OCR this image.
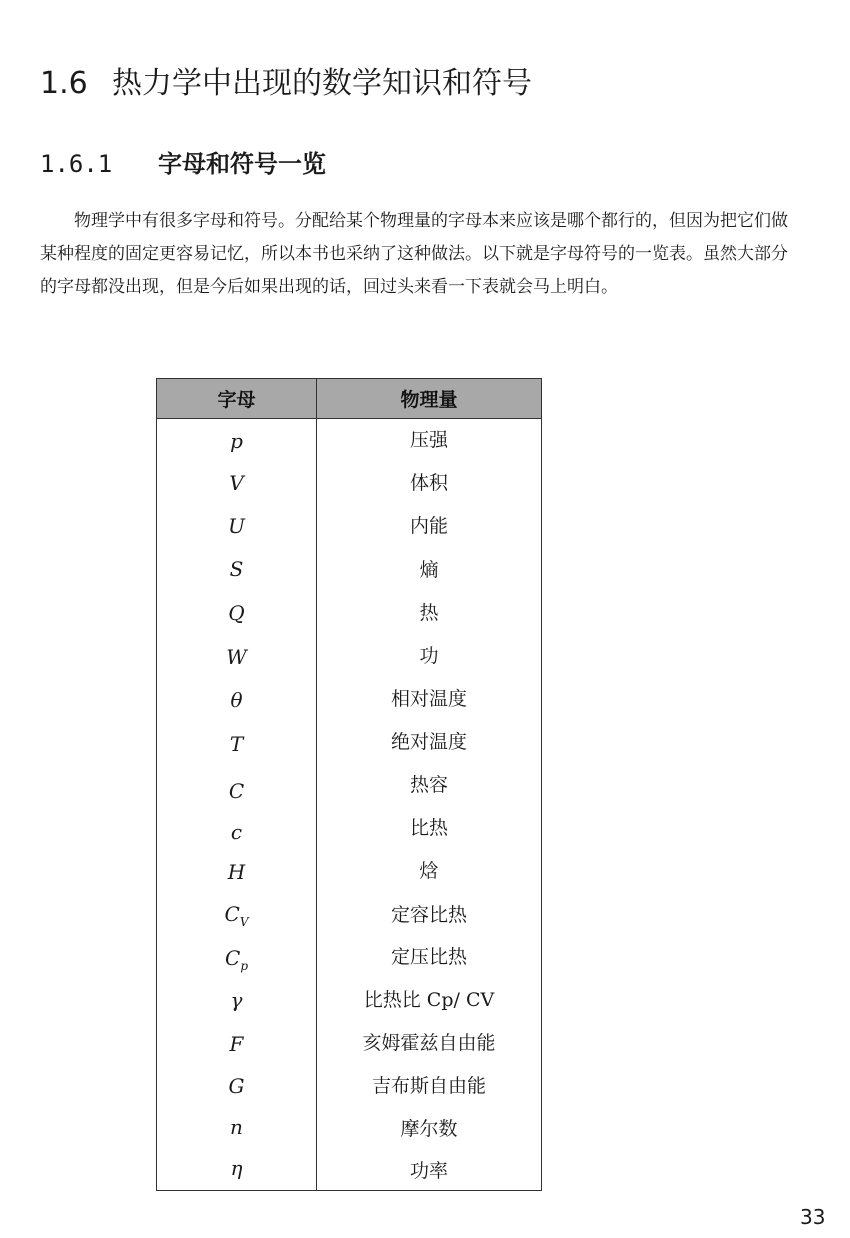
1.6 热力学中出现的数学知识和符号
1.6.1 字母和符号一览

物理学中有很多字母和符号。分配给某个物理量的字母本来应该是哪个都行的，但因为把它们做某种程度的固定更容易记忆，所以本书也采纳了这种做法。以下就是字母符号的一览表。虽然大部分的字母都没出现，但是今后如果出现的话，回过头来看一下表就会马上明白。

字母	物理量
p
V
U
S
Q
W
θ
T
C
c
H
$C_V$
$C_p$
γ
F
G
n
η
压强
体积
内能
熵
热
功
相对温度
绝对温度
热容
比热
焓
定容比热
定压比热
比热比 Cp/ CV
亥姆霍兹自由能
吉布斯自由能
摩尔数
功率

33
